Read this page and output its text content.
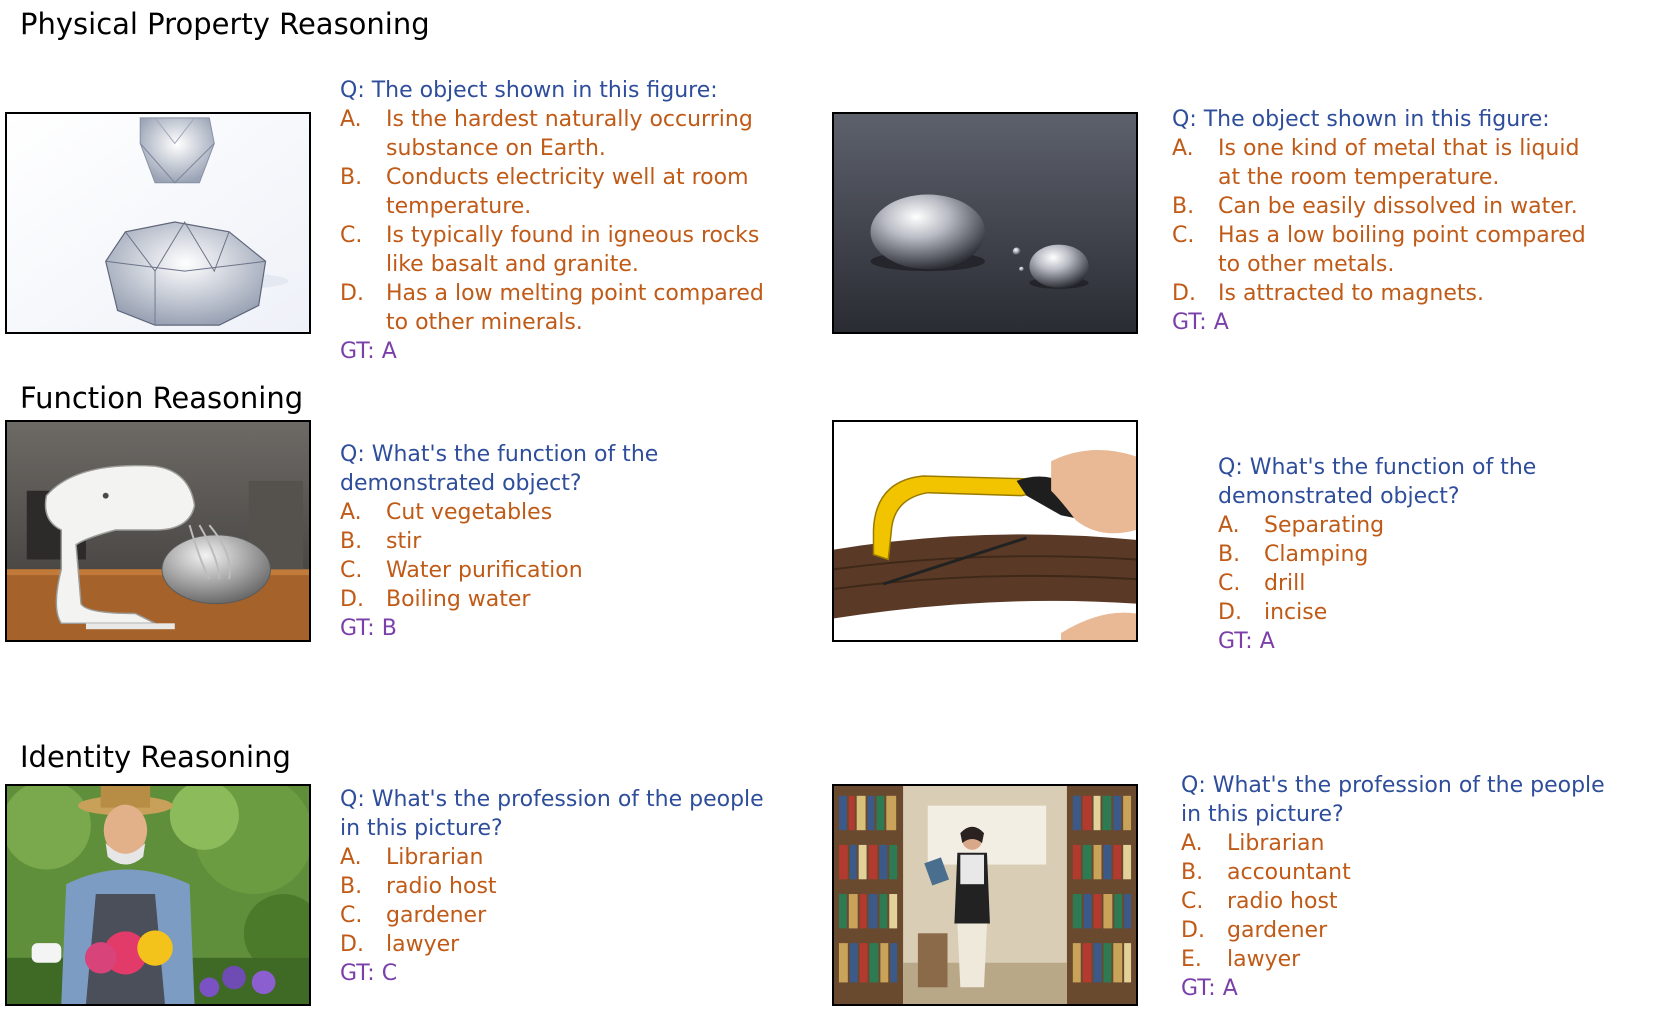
Physical Property Reasoning
Function Reasoning
Identity Reasoning

Q: The object shown in this figure:

A.	Is the hardest naturally occurring
substance on Earth.
B.	Conducts electricity well at room
temperature.
C.	Is typically found in igneous rocks
like basalt and granite.
D.	Has a low melting point compared
to other minerals.

GT: A

Q: The object shown in this figure:

A.	Is one kind of metal that is liquid
at the room temperature.
B.	Can be easily dissolved in water.
C.	Has a low boiling point compared
to other metals.
D.	Is attracted to magnets.

GT: A

Q: What's the function of the

demonstrated object?

A.	Cut vegetables
B.	stir
C.	Water purification
D.	Boiling water

GT: B

Q: What's the function of the

demonstrated object?

A.	Separating
B.	Clamping
C.	drill
D.	incise

GT: A

Q: What's the profession of the people

in this picture?

A.	Librarian
B.	radio host
C.	gardener
D.	lawyer

GT: C

Q: What's the profession of the people

in this picture?

A.	Librarian
B.	accountant
C.	radio host
D.	gardener
E.	lawyer

GT: A
